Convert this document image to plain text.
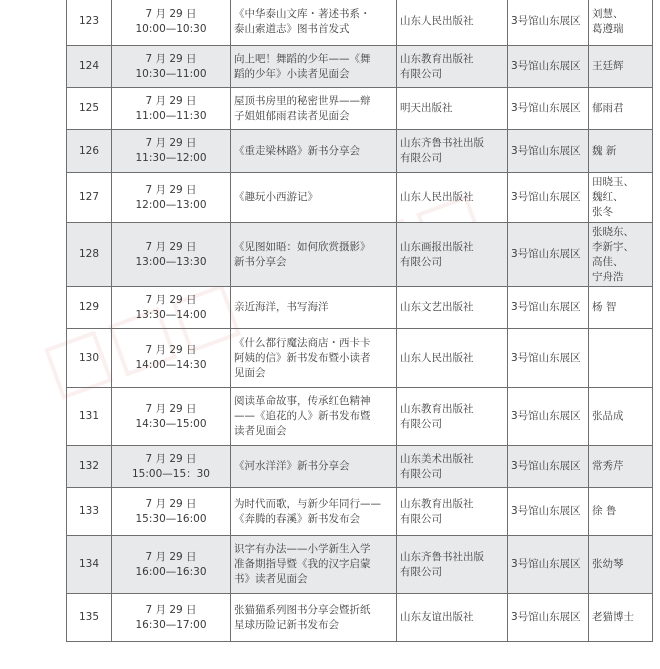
123	7 月 29 日
10:00—10:30	《中华泰山文库・著述书系・
泰山索道志》图书首发式	山东人民出版社	3号馆山东展区	刘慧、
葛遵瑞
124	7 月 29 日
10:30—11:00	向上吧！舞蹈的少年——《舞
蹈的少年》小读者见面会	山东教育出版社
有限公司	3号馆山东展区	王廷辉
125	7 月 29 日
11:00—11:30	屋顶书房里的秘密世界——辩
子姐姐郁雨君读者见面会	明天出版社	3号馆山东展区	郁雨君
126	7 月 29 日
11:30—12:00	《重走梁林路》新书分享会	山东齐鲁书社出版
有限公司	3号馆山东展区	魏 新
127	7 月 29 日
12:00—13:00	《趣玩小西游记》	山东人民出版社	3号馆山东展区	田晓玉、
魏红、
张冬
128	7 月 29 日
13:00—13:30	《见图如晤：如何欣赏摄影》
新书分享会	山东画报出版社
有限公司	3号馆山东展区	张晓东、
李新宇、
高佳、
宁舟浩
129	7 月 29 日
13:30—14:00	亲近海洋，书写海洋	山东文艺出版社	3号馆山东展区	杨 智
130	7 月 29 日
14:00—14:30	《什么都行魔法商店・西卡卡
阿姨的信》新书发布暨小读者
见面会	山东人民出版社	3号馆山东展区	
131	7 月 29 日
14:30—15:00	阅读革命故事，传承红色精神
——《追花的人》新书发布暨
读者见面会	山东教育出版社
有限公司	3号馆山东展区	张品成
132	7 月 29 日
15:00—15：30	《河水洋洋》新书分享会	山东美术出版社
有限公司	3号馆山东展区	常秀芹
133	7 月 29 日
15:30—16:00	为时代而歌，与新少年同行——
《奔腾的春溪》新书发布会	山东教育出版社
有限公司	3号馆山东展区	徐 鲁
134	7 月 29 日
16:00—16:30	识字有办法——小学新生入学
准备期指导暨《我的汉字启蒙
书》读者见面会	山东齐鲁书社出版
有限公司	3号馆山东展区	张幼琴
135	7 月 29 日
16:30—17:00	张猫猫系列图书分享会暨折纸
星球历险记新书发布会	山东友谊出版社	3号馆山东展区	老猫博士
